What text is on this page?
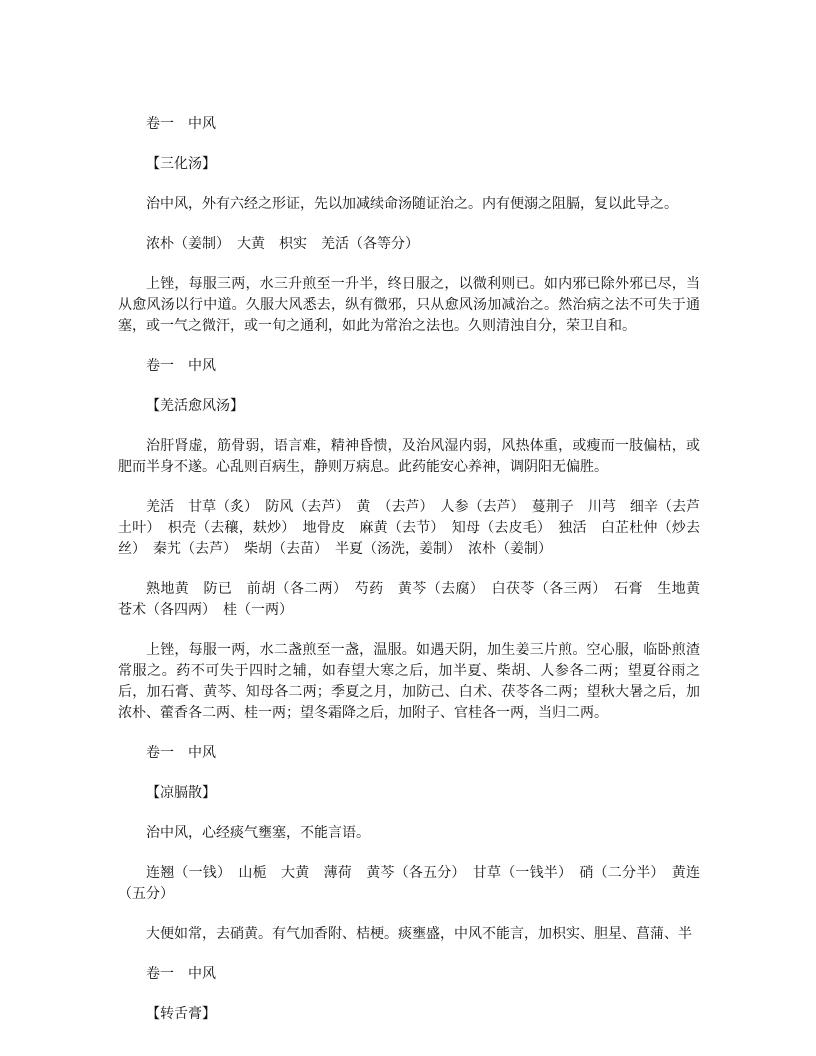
卷一　中风

【三化汤】

治中风，外有六经之形证，先以加减续命汤随证治之。内有便溺之阻膈，复以此导之。

浓朴（姜制）　大黄　枳实　羌活（各等分）

上锉，每服三两，水三升煎至一升半，终日服之，以微利则已。如内邪已除外邪已尽，当从愈风汤以行中道。久服大风悉去，纵有微邪，只从愈风汤加减治之。然治病之法不可失于通塞，或一气之微汗，或一旬之通利，如此为常治之法也。久则清浊自分，荣卫自和。

卷一　中风

【羌活愈风汤】

治肝肾虚，筋骨弱，语言难，精神昏愦，及治风湿内弱，风热体重，或瘦而一肢偏枯，或肥而半身不遂。心乱则百病生，静则万病息。此药能安心养神，调阴阳无偏胜。

羌活　甘草（炙）　防风（去芦）　黄　（去芦）　人参（去芦）　蔓荆子　川芎　细辛（去芦土叶）　枳壳（去穰，麸炒）　地骨皮　麻黄（去节）　知母（去皮毛）　独活　白芷杜仲（炒去丝）　秦艽（去芦）　柴胡（去苗）　半夏（汤洗，姜制）　浓朴（姜制）

熟地黄　防已　前胡（各二两）　芍药　黄芩（去腐）　白茯苓（各三两）　石膏　生地黄　苍术（各四两）　桂（一两）

上锉，每服一两，水二盏煎至一盏，温服。如遇天阴，加生姜三片煎。空心服，临卧煎渣常服之。药不可失于四时之辅，如春望大寒之后，加半夏、柴胡、人参各二两；望夏谷雨之后，加石膏、黄芩、知母各二两；季夏之月，加防己、白术、茯苓各二两；望秋大暑之后，加浓朴、藿香各二两、桂一两；望冬霜降之后，加附子、官桂各一两，当归二两。

卷一　中风

【凉膈散】

治中风，心经痰气壅塞，不能言语。

连翘（一钱）　山栀　大黄　薄荷　黄芩（各五分）　甘草（一钱半）　硝（二分半）　黄连（五分）

大便如常，去硝黄。有气加香附、桔梗。痰壅盛，中风不能言，加枳实、胆星、菖蒲、半

卷一　中风

【转舌膏】
